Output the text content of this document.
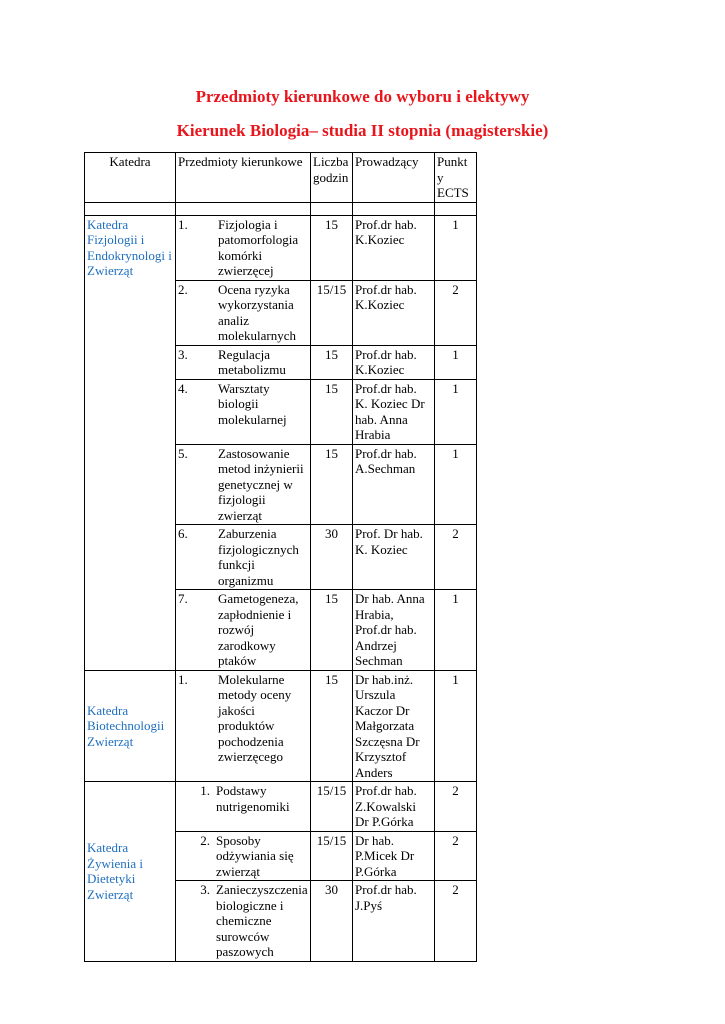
Przedmioty kierunkowe do wyboru i elektywy
Kierunek Biologia– studia II stopnia (magisterskie)
Katedra	Przedmioty kierunkowe	Liczba godzin	Prowadzący	Punkt y ECTS

Katedra Fizjologii i Endokrynologi i Zwierząt	1. Fizjologia i patomorfologia komórki zwierzęcej	15	Prof.dr hab. K.Koziec	1

	2. Ocena ryzyka wykorzystania analiz molekularnych	15/15	Prof.dr hab. K.Koziec	2

	3. Regulacja metabolizmu	15	Prof.dr hab. K.Koziec	1

	4. Warsztaty biologii molekularnej	15	Prof.dr hab. K. Koziec Dr hab. Anna Hrabia	1

	5. Zastosowanie metod inżynierii genetycznej w fizjologii zwierząt	15	Prof.dr hab. A.Sechman	1

	6. Zaburzenia fizjologicznych funkcji organizmu	30	Prof. Dr hab. K. Koziec	2

	7. Gametogeneza, zapłodnienie i rozwój zarodkowy ptaków	15	Dr hab. Anna Hrabia, Prof.dr hab. Andrzej Sechman	1
Katedra Biotechnologii Zwierząt	1. Molekularne metody oceny jakości produktów pochodzenia zwierzęcego	15	Dr hab.inż. Urszula Kaczor Dr Małgorzata Szczęsna Dr Krzysztof Anders	1
Katedra Żywienia i Dietetyki Zwierząt	1. Podstawy nutrigenomiki	15/15	Prof.dr hab. Z.Kowalski Dr P.Górka	2

	2. Sposoby odżywiania się zwierząt	15/15	Dr hab. P.Micek Dr P.Górka	2

	3. Zanieczyszczenia biologiczne i chemiczne surowców paszowych	30	Prof.dr hab. J.Pyś	2
